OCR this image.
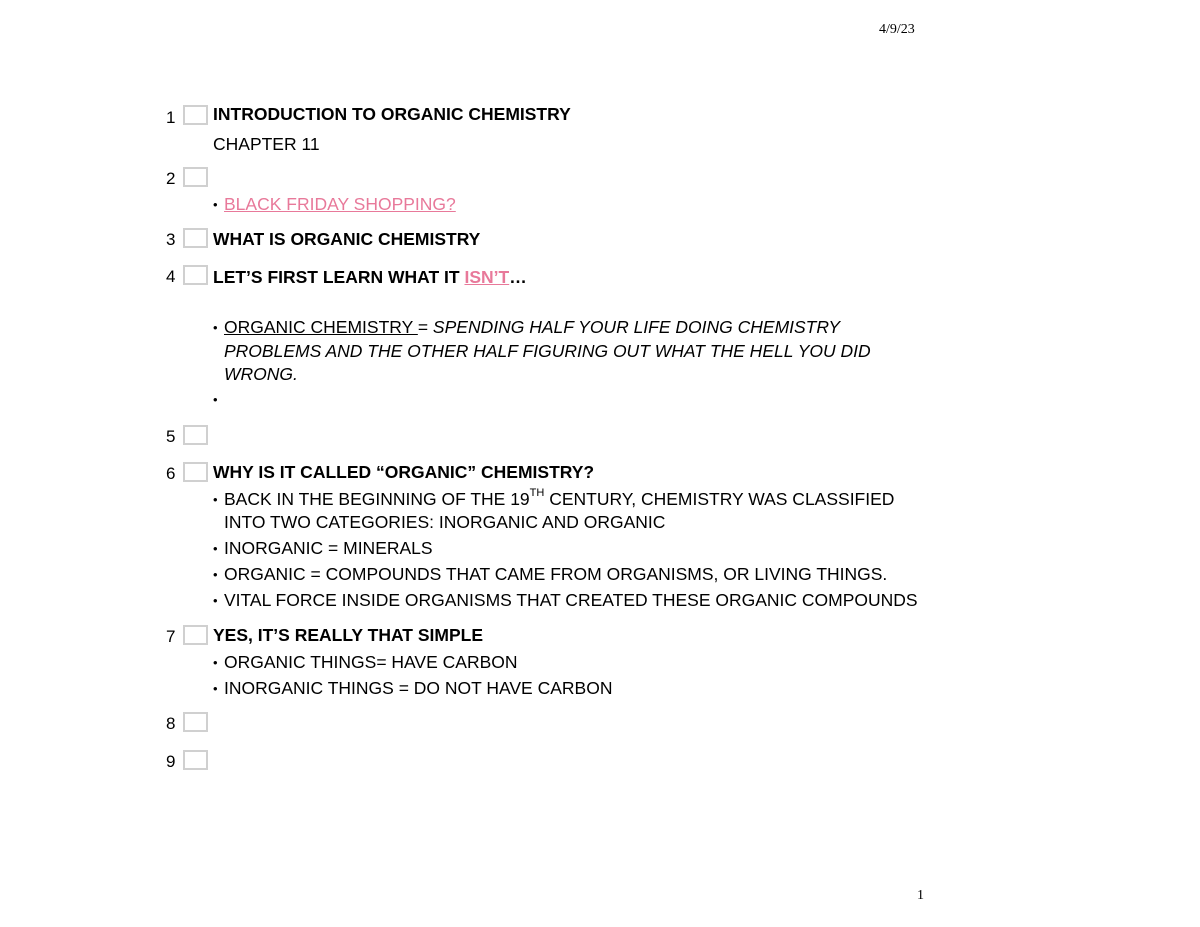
4/9/23
1 INTRODUCTION TO ORGANIC CHEMISTRY
CHAPTER 11
2
• BLACK FRIDAY SHOPPING?
3 WHAT IS ORGANIC CHEMISTRY
4 LET’S FIRST LEARN WHAT IT ISN’T…
• ORGANIC CHEMISTRY = SPENDING HALF YOUR LIFE DOING CHEMISTRY
PROBLEMS AND THE OTHER HALF FIGURING OUT WHAT THE HELL YOU DID
WRONG.
•
5
6 WHY IS IT CALLED “ORGANIC” CHEMISTRY?
• BACK IN THE BEGINNING OF THE 19TH CENTURY, CHEMISTRY WAS CLASSIFIED
INTO TWO CATEGORIES: INORGANIC AND ORGANIC
• INORGANIC = MINERALS
• ORGANIC = COMPOUNDS THAT CAME FROM ORGANISMS, OR LIVING THINGS.
• VITAL FORCE INSIDE ORGANISMS THAT CREATED THESE ORGANIC COMPOUNDS
7 YES, IT’S REALLY THAT SIMPLE
• ORGANIC THINGS= HAVE CARBON
• INORGANIC THINGS = DO NOT HAVE CARBON
8
9
1
